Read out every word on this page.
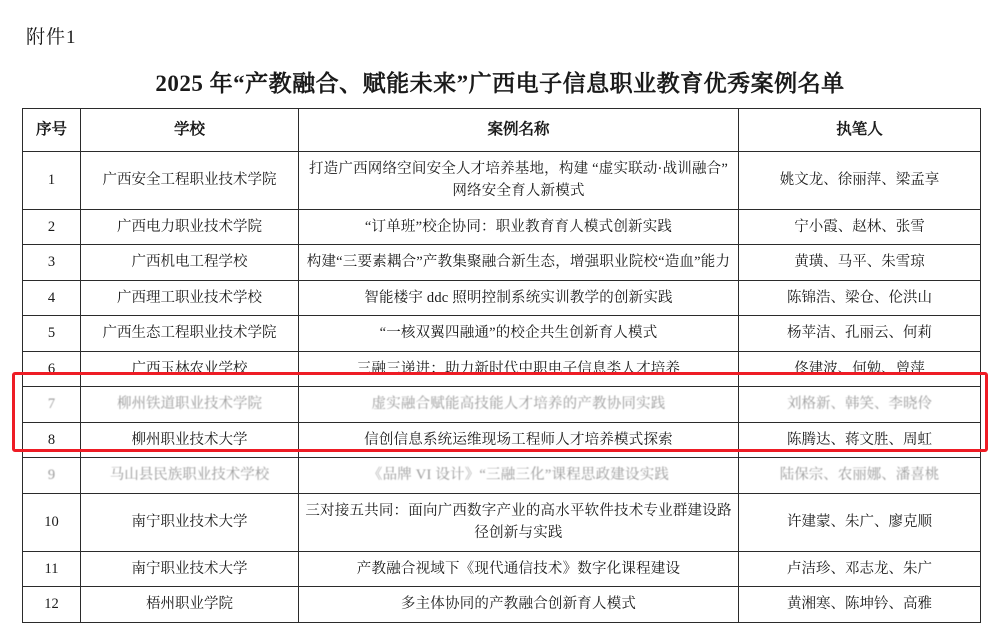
附件1
2025 年“产教融合、赋能未来”广西电子信息职业教育优秀案例名单
序号	学校	案例名称	执笔人
1	广西安全工程职业技术学院	打造广西网络空间安全人才培养基地，构建 “虚实联动·战训融合” 网络安全育人新模式	姚文龙、徐丽萍、梁孟享
2	广西电力职业技术学院	“订单班”校企协同：职业教育育人模式创新实践	宁小霞、赵林、张雪
3	广西机电工程学校	构建“三要素耦合”产教集聚融合新生态，增强职业院校“造血”能力	黄璜、马平、朱雪琼
4	广西理工职业技术学校	智能楼宇 ddc 照明控制系统实训教学的创新实践	陈锦浩、梁仓、伦洪山
5	广西生态工程职业技术学院	“一核双翼四融通”的校企共生创新育人模式	杨苹洁、孔丽云、何莉
6	广西玉林农业学校	三融三递进：助力新时代中职电子信息类人才培养	佟建波、何勉、曾萍
7	柳州铁道职业技术学院	虚实融合赋能高技能人才培养的产教协同实践	刘格新、韩笑、李晓伶
8	柳州职业技术大学	信创信息系统运维现场工程师人才培养模式探索	陈腾达、蒋文胜、周虹
9	马山县民族职业技术学校	《品牌 VI 设计》“三融三化”课程思政建设实践	陆保宗、农丽娜、潘喜桃
10	南宁职业技术大学	三对接五共同：面向广西数字产业的高水平软件技术专业群建设路径创新与实践	许建蒙、朱广、廖克顺
11	南宁职业技术大学	产教融合视域下《现代通信技术》数字化课程建设	卢洁珍、邓志龙、朱广
12	梧州职业学院	多主体协同的产教融合创新育人模式	黄湘寒、陈坤钤、高雅
